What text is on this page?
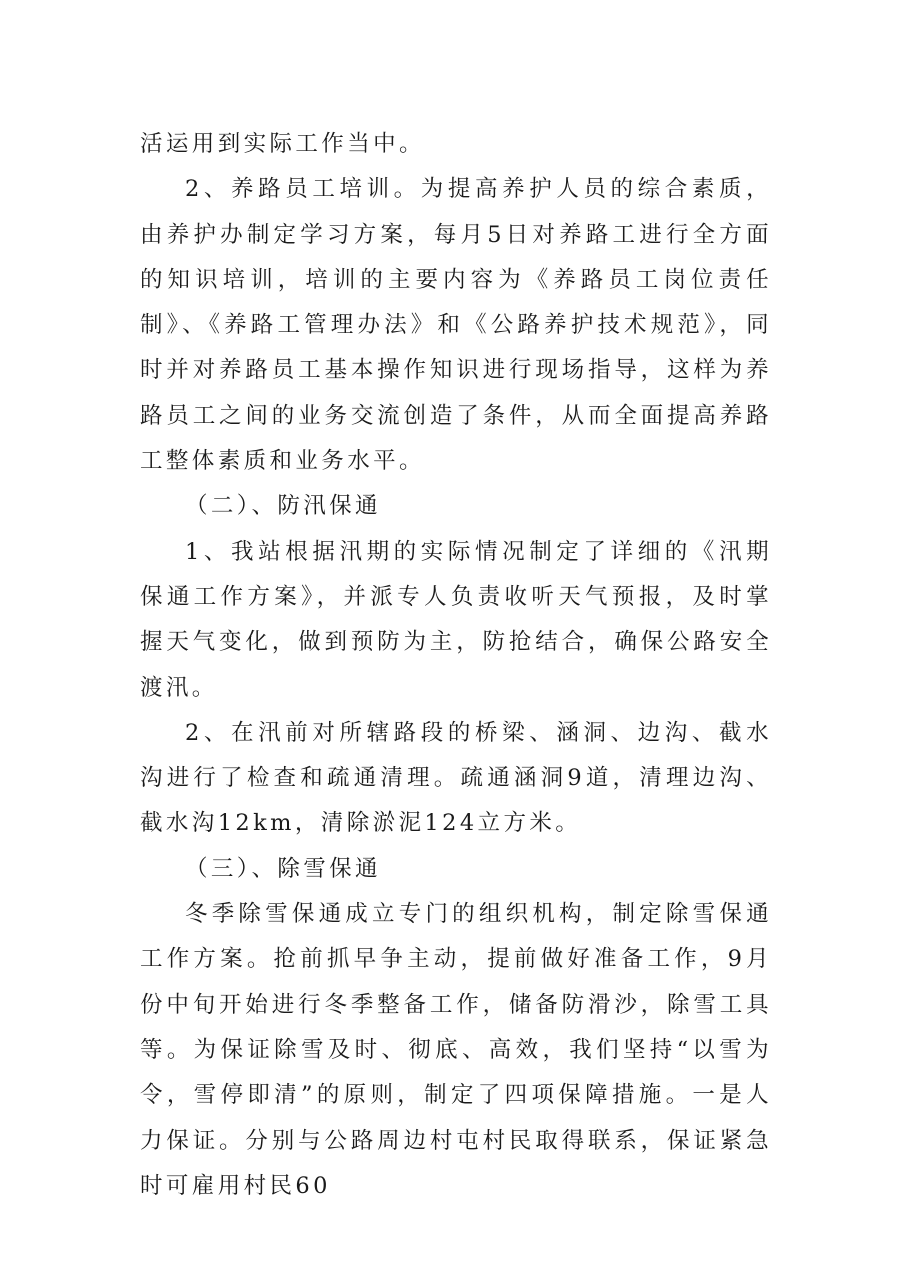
活运用到实际工作当中。

2、养路员工培训。为提高养护人员的综合素质，由养护办制定学习方案，每月5日对养路工进行全方面的知识培训，培训的主要内容为《养路员工岗位责任制》、《养路工管理办法》和《公路养护技术规范》，同时并对养路员工基本操作知识进行现场指导，这样为养路员工之间的业务交流创造了条件，从而全面提高养路工整体素质和业务水平。

（二）、防汛保通

1、我站根据汛期的实际情况制定了详细的《汛期保通工作方案》，并派专人负责收听天气预报，及时掌握天气变化，做到预防为主，防抢结合，确保公路安全渡汛。

2、在汛前对所辖路段的桥梁、涵洞、边沟、截水沟进行了检查和疏通清理。疏通涵洞9道，清理边沟、截水沟12km，清除淤泥124立方米。

（三）、除雪保通

冬季除雪保通成立专门的组织机构，制定除雪保通工作方案。抢前抓早争主动，提前做好准备工作，9月份中旬开始进行冬季整备工作，储备防滑沙，除雪工具等。为保证除雪及时、彻底、高效，我们坚持“以雪为令，雪停即清”的原则，制定了四项保障措施。一是人力保证。分别与公路周边村屯村民取得联系，保证紧急时可雇用村民60
